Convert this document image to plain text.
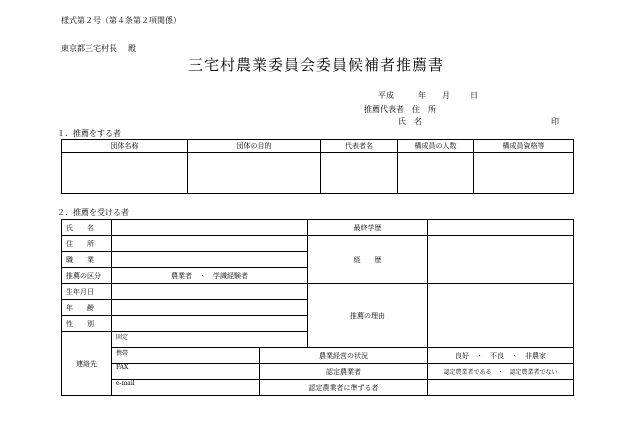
様式第２号（第４条第２項関係）
東京都三宅村長 殿
三宅村農業委員会委員候補者推薦書
平成	年 月	日
推薦代表者　住　所
氏　名	印
１．推薦をする者
団体名称	団体の目的	代表者名	構成員の人数	構成員資格等

２．推薦を受ける者
氏　　名			最終学歴	
住　　所			経　　歴	
職　　業				
推薦の区分	農業者　・　学識経験者			
生年月日			推薦の理由	
年　　齢				
性　　別				
連絡先	固定			
	携帯	農業経営の状況		良好　・　不良　・　非農家
	FAX	認定農業者		認定農業者である　・　認定農業者でない
	e-mail	認定農業者に準ずる者		
